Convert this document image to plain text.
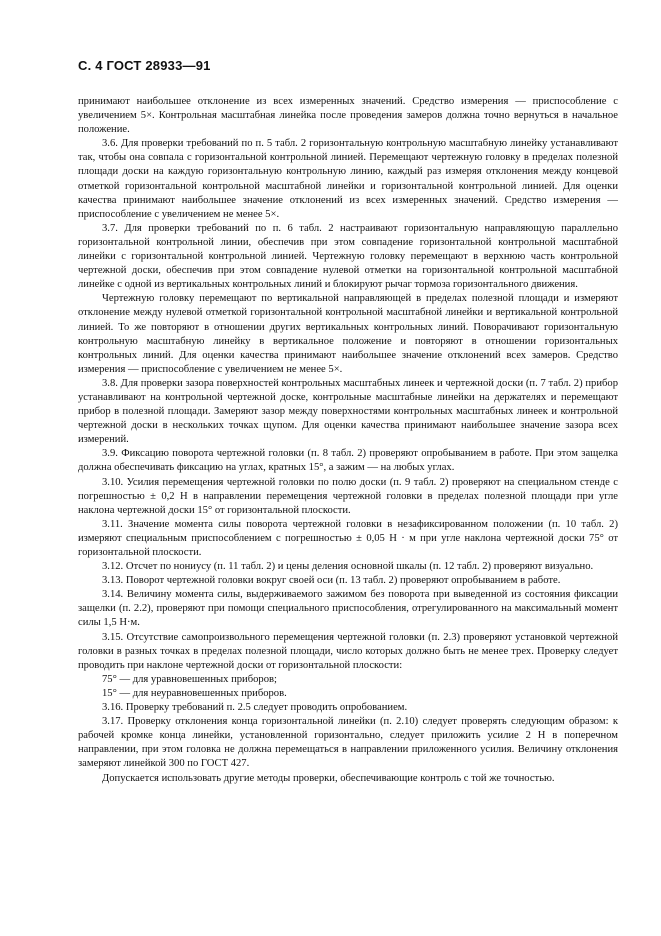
С. 4 ГОСТ 28933—91

принимают наибольшее отклонение из всех измеренных значений. Средство измерения — приспособление с увеличением 5×. Контрольная масштабная линейка после проведения замеров должна точно вернуться в начальное положение.

3.6. Для проверки требований по п. 5 табл. 2 горизонтальную контрольную масштабную линейку устанавливают так, чтобы она совпала с горизонтальной контрольной линией. Перемещают чертежную головку в пределах полезной площади доски на каждую горизонтальную контрольную линию, каждый раз измеряя отклонения между концевой отметкой горизонтальной контрольной масштабной линейки и горизонтальной контрольной линией. Для оценки качества принимают наибольшее значение отклонений из всех измеренных значений. Средство измерения — приспособление с увеличением не менее 5×.

3.7. Для проверки требований по п. 6 табл. 2 настраивают горизонтальную направляющую параллельно горизонтальной контрольной линии, обеспечив при этом совпадение горизонтальной контрольной масштабной линейки с горизонтальной контрольной линией. Чертежную головку перемещают в верхнюю часть контрольной чертежной доски, обеспечив при этом совпадение нулевой отметки на горизонтальной контрольной масштабной линейке с одной из вертикальных контрольных линий и блокируют рычаг тормоза горизонтального движения.

Чертежную головку перемещают по вертикальной направляющей в пределах полезной площади и измеряют отклонение между нулевой отметкой горизонтальной контрольной масштабной линейки и вертикальной контрольной линией. То же повторяют в отношении других вертикальных контрольных линий. Поворачивают горизонтальную контрольную масштабную линейку в вертикальное положение и повторяют в отношении горизонтальных контрольных линий. Для оценки качества принимают наибольшее значение отклонений всех замеров. Средство измерения — приспособление с увеличением не менее 5×.

3.8. Для проверки зазора поверхностей контрольных масштабных линеек и чертежной доски (п. 7 табл. 2) прибор устанавливают на контрольной чертежной доске, контрольные масштабные линейки на держателях и перемещают прибор в полезной площади. Замеряют зазор между поверхностями контрольных масштабных линеек и контрольной чертежной доски в нескольких точках щупом. Для оценки качества принимают наибольшее значение зазора всех измерений.

3.9. Фиксацию поворота чертежной головки (п. 8 табл. 2) проверяют опробыванием в работе. При этом защелка должна обеспечивать фиксацию на углах, кратных 15°, а зажим — на любых углах.

3.10. Усилия перемещения чертежной головки по полю доски (п. 9 табл. 2) проверяют на специальном стенде с погрешностью ± 0,2 Н в направлении перемещения чертежной головки в пределах полезной площади при угле наклона чертежной доски 15° от горизонтальной плоскости.

3.11. Значение момента силы поворота чертежной головки в незафиксированном положении (п. 10 табл. 2) измеряют специальным приспособлением с погрешностью ± 0,05 Н · м при угле наклона чертежной доски 75° от горизонтальной плоскости.

3.12. Отсчет по нониусу (п. 11 табл. 2) и цены деления основной шкалы (п. 12 табл. 2) проверяют визуально.

3.13. Поворот чертежной головки вокруг своей оси (п. 13 табл. 2) проверяют опробыванием в работе.

3.14. Величину момента силы, выдерживаемого зажимом без поворота при выведенной из состояния фиксации защелки (п. 2.2), проверяют при помощи специального приспособления, отрегулированного на максимальный момент силы 1,5 Н·м.

3.15. Отсутствие самопроизвольного перемещения чертежной головки (п. 2.3) проверяют установкой чертежной головки в разных точках в пределах полезной площади, число которых должно быть не менее трех. Проверку следует проводить при наклоне чертежной доски от горизонтальной плоскости:

75° — для уравновешенных приборов;

15° — для неуравновешенных приборов.

3.16. Проверку требований п. 2.5 следует проводить опробованием.

3.17. Проверку отклонения конца горизонтальной линейки (п. 2.10) следует проверять следующим образом: к рабочей кромке конца линейки, установленной горизонтально, следует приложить усилие 2 Н в поперечном направлении, при этом головка не должна перемещаться в направлении приложенного усилия. Величину отклонения замеряют линейкой 300 по ГОСТ 427.

Допускается использовать другие методы проверки, обеспечивающие контроль с той же точностью.
